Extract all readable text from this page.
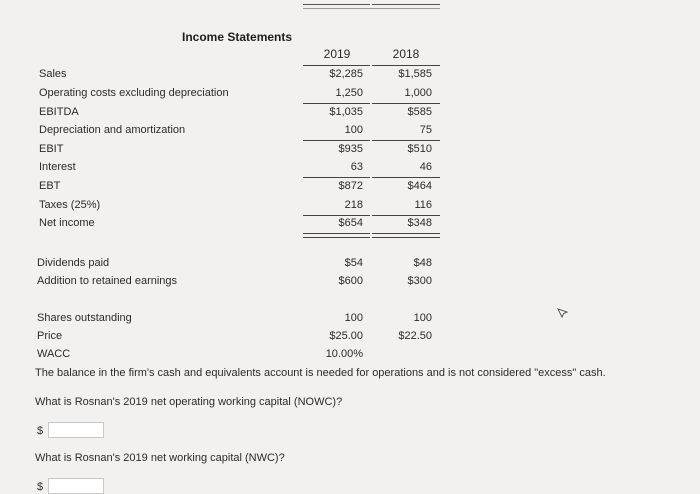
Income Statements
2019	2018
Sales	$2,285	$1,585
Operating costs excluding depreciation	1,250	1,000
EBITDA	$1,035	$585
Depreciation and amortization	100	75
EBIT	$935	$510
Interest	63	46
EBT	$872	$464
Taxes (25%)	218	116
Net income	$654	$348
Dividends paid	$54	$48
Addition to retained earnings	$600	$300
Shares outstanding	100	100
Price	$25.00	$22.50
WACC	10.00%
The balance in the firm's cash and equivalents account is needed for operations and is not considered "excess" cash.
What is Rosnan's 2019 net operating working capital (NOWC)?
$
What is Rosnan's 2019 net working capital (NWC)?
$
